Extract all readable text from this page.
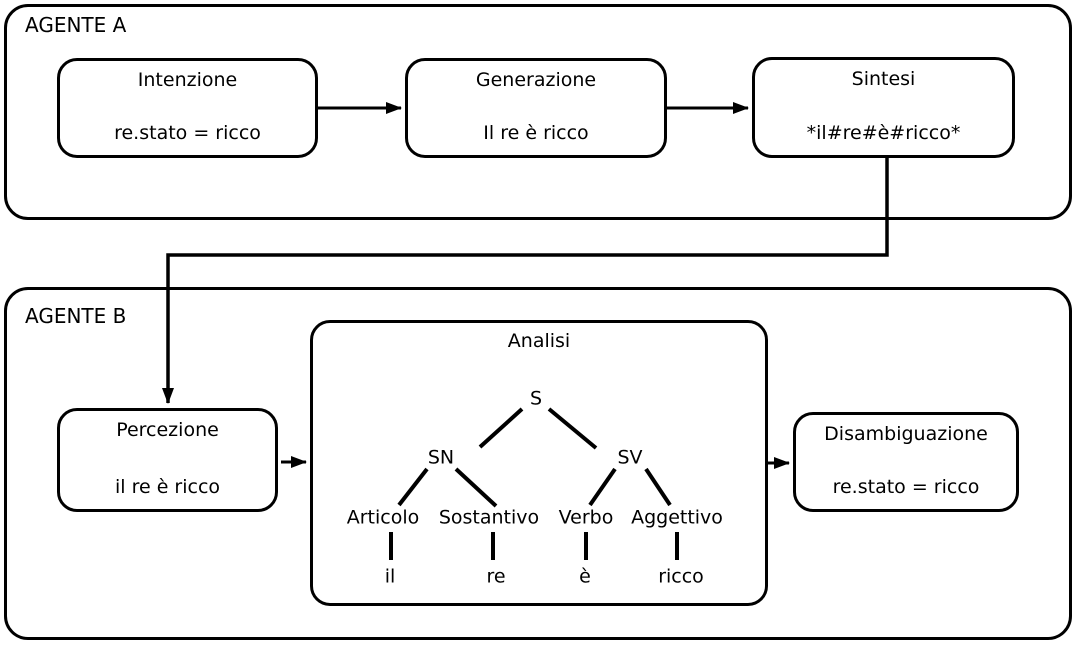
AGENTE A
Intenzione
re.stato = ricco
Generazione
Il re è ricco
Sintesi
*il#re#è#ricco*
AGENTE B
Percezione
il re è ricco
Analisi
Disambiguazione
re.stato = ricco
S
SN	SV
Articolo Sostantivo Verbo Aggettivo
il	re	è	ricco
